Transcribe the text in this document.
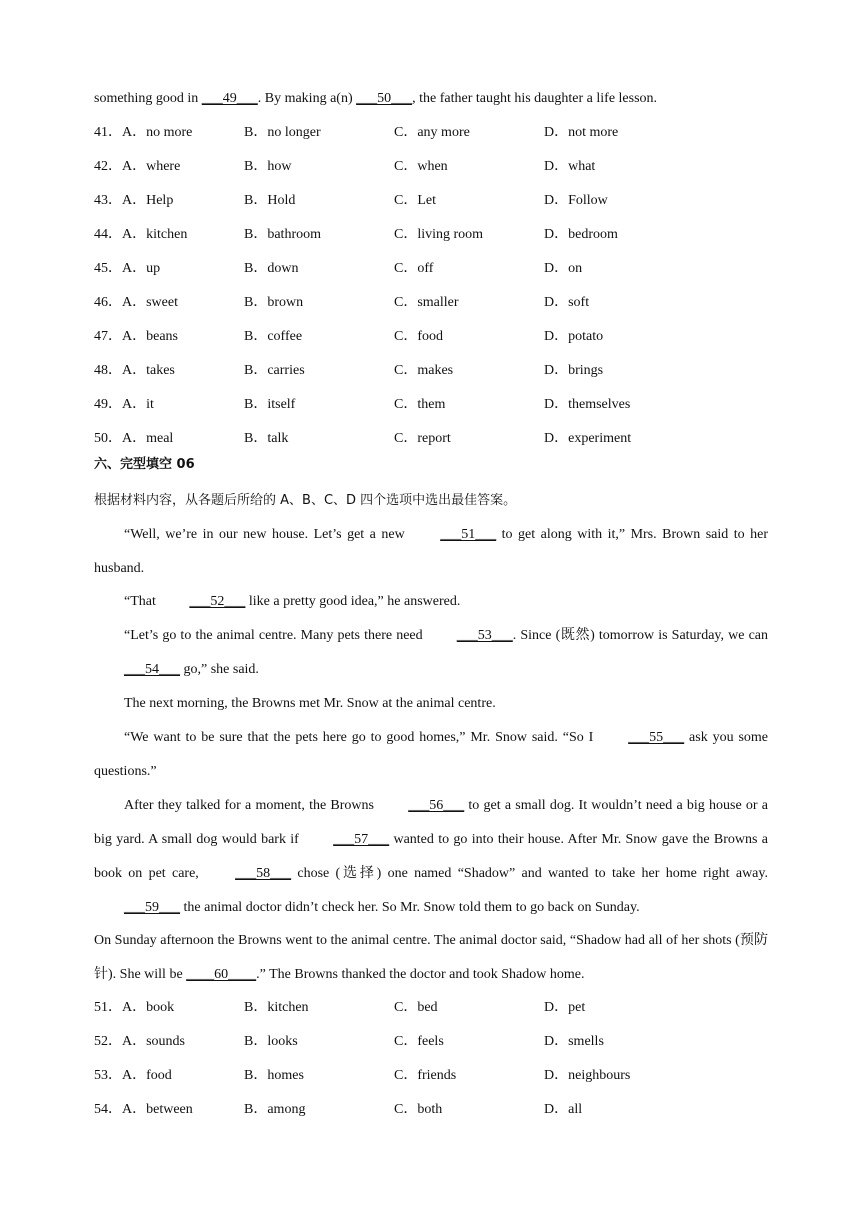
something good in ___49___. By making a(n) ___50___, the father taught his daughter a life lesson.
41．A．no more	B．no longer	C．any more	D．not more
42．A．where	B．how	C．when	D．what
43．A．Help	B．Hold	C．Let	D．Follow
44．A．kitchen	B．bathroom	C．living room	D．bedroom
45．A．up	B．down	C．off	D．on
46．A．sweet	B．brown	C．smaller	D．soft
47．A．beans	B．coffee	C．food	D．potato
48．A．takes	B．carries	C．makes	D．brings
49．A．it	B．itself	C．them	D．themselves
50．A．meal	B．talk	C．report	D．experiment
六、完型填空 06
根据材料内容，从各题后所给的 A、B、C、D 四个选项中选出最佳答案。
“Well, we’re in our new house. Let’s get a new ___51___ to get along with it,” Mrs. Brown said to her husband.
“That ___52___ like a pretty good idea,” he answered.
“Let’s go to the animal centre. Many pets there need ___53___. Since (既然) tomorrow is Saturday, we can ___54___ go,” she said.
The next morning, the Browns met Mr. Snow at the animal centre.
“We want to be sure that the pets here go to good homes,” Mr. Snow said. “So I ___55___ ask you some questions.”
After they talked for a moment, the Browns ___56___ to get a small dog. It wouldn’t need a big house or a big yard. A small dog would bark if ___57___ wanted to go into their house. After Mr. Snow gave the Browns a book on pet care, ___58___ chose (选择) one named “Shadow” and wanted to take her home right away. ___59___ the animal doctor didn’t check her. So Mr. Snow told them to go back on Sunday.
On Sunday afternoon the Browns went to the animal centre. The animal doctor said, “Shadow had all of her shots (预防针). She will be ____60____.” The Browns thanked the doctor and took Shadow home.
51．A．book	B．kitchen	C．bed	D．pet
52．A．sounds	B．looks	C．feels	D．smells
53．A．food	B．homes	C．friends	D．neighbours
54．A．between	B．among	C．both	D．all
